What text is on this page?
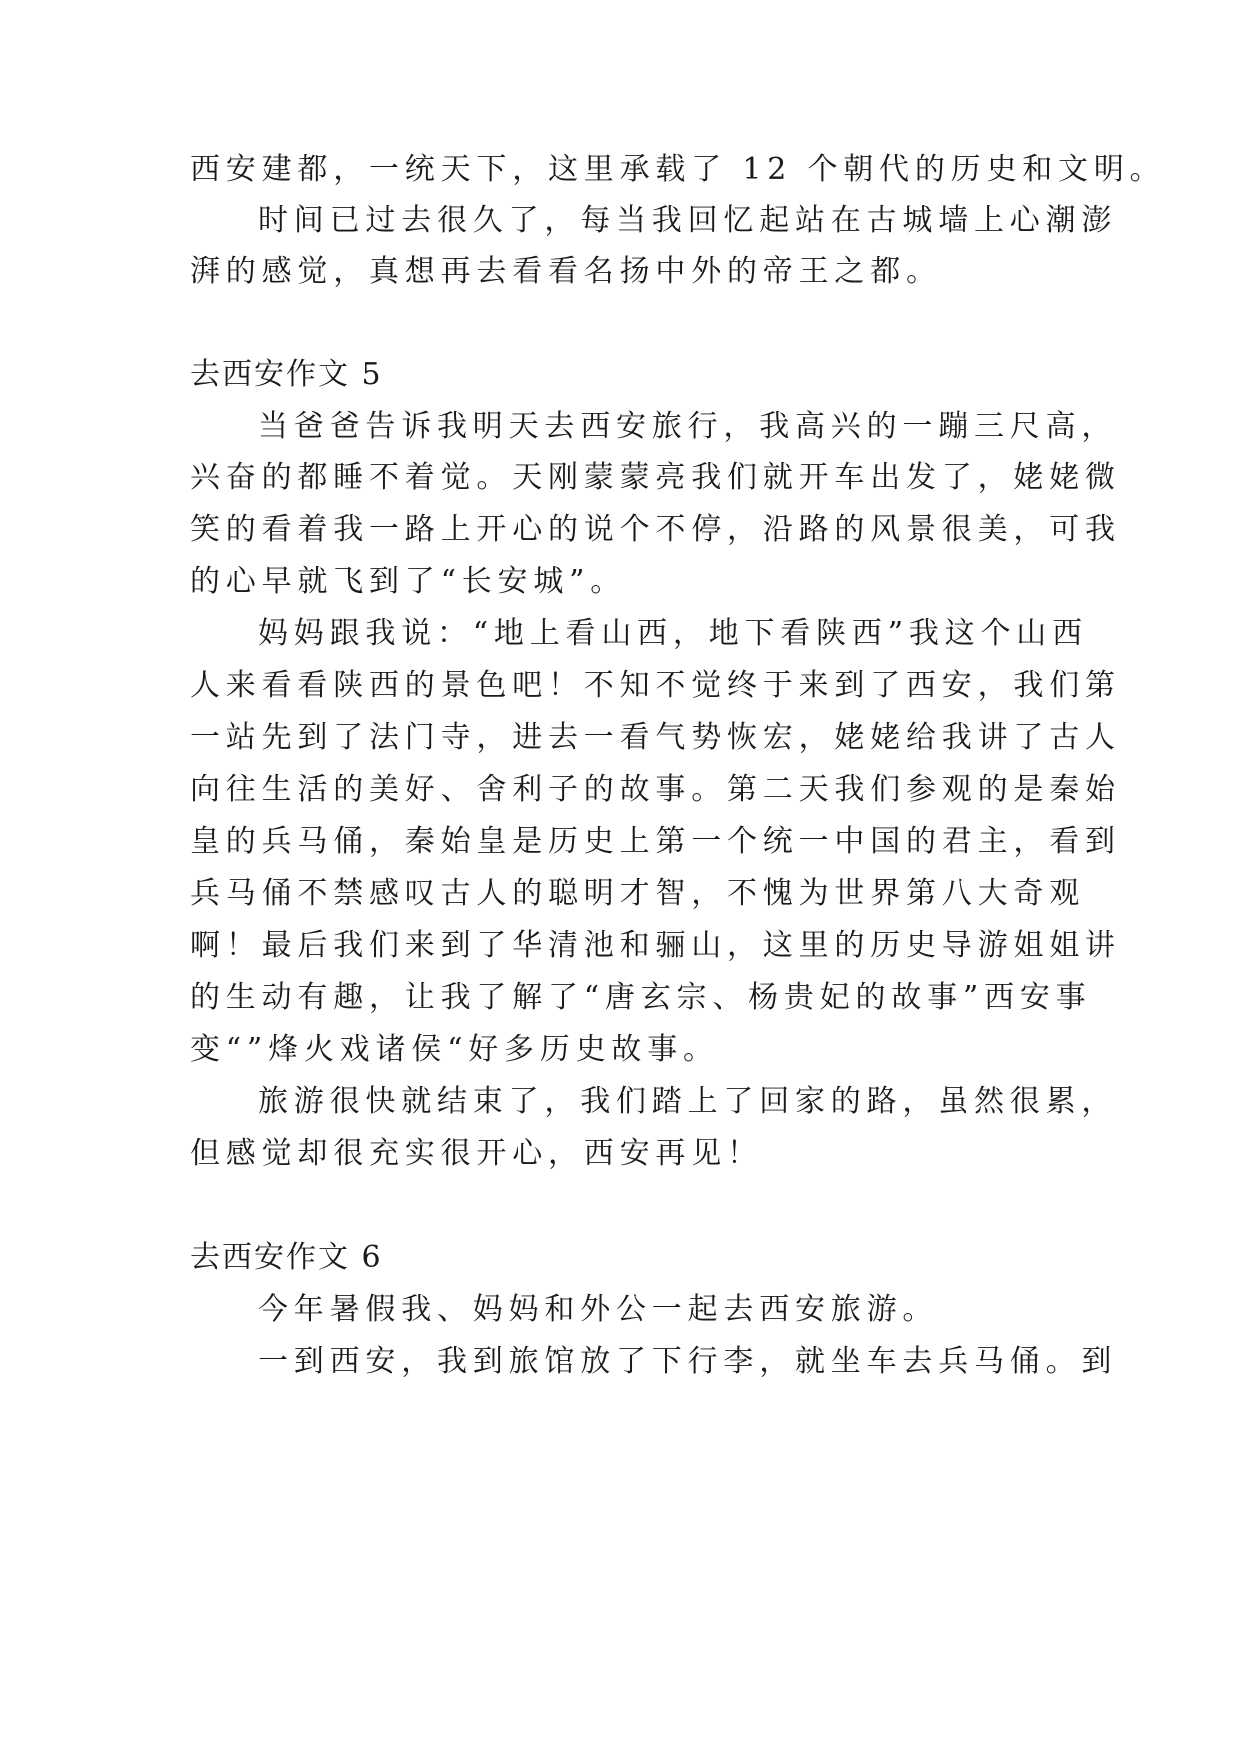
西安建都，一统天下，这里承载了 12 个朝代的历史和文明。
时间已过去很久了，每当我回忆起站在古城墙上心潮澎
湃的感觉，真想再去看看名扬中外的帝王之都。
去西安作文 5
当爸爸告诉我明天去西安旅行，我高兴的一蹦三尺高，
兴奋的都睡不着觉。天刚蒙蒙亮我们就开车出发了，姥姥微
笑的看着我一路上开心的说个不停，沿路的风景很美，可我
的心早就飞到了“长安城”。
妈妈跟我说：“地上看山西，地下看陕西”我这个山西
人来看看陕西的景色吧！不知不觉终于来到了西安，我们第
一站先到了法门寺，进去一看气势恢宏，姥姥给我讲了古人
向往生活的美好、舍利子的故事。第二天我们参观的是秦始
皇的兵马俑，秦始皇是历史上第一个统一中国的君主，看到
兵马俑不禁感叹古人的聪明才智，不愧为世界第八大奇观
啊！最后我们来到了华清池和骊山，这里的历史导游姐姐讲
的生动有趣，让我了解了“唐玄宗、杨贵妃的故事”西安事
变“”烽火戏诸侯“好多历史故事。
旅游很快就结束了，我们踏上了回家的路，虽然很累，
但感觉却很充实很开心，西安再见！
去西安作文 6
今年暑假我、妈妈和外公一起去西安旅游。
一到西安，我到旅馆放了下行李，就坐车去兵马俑。到
